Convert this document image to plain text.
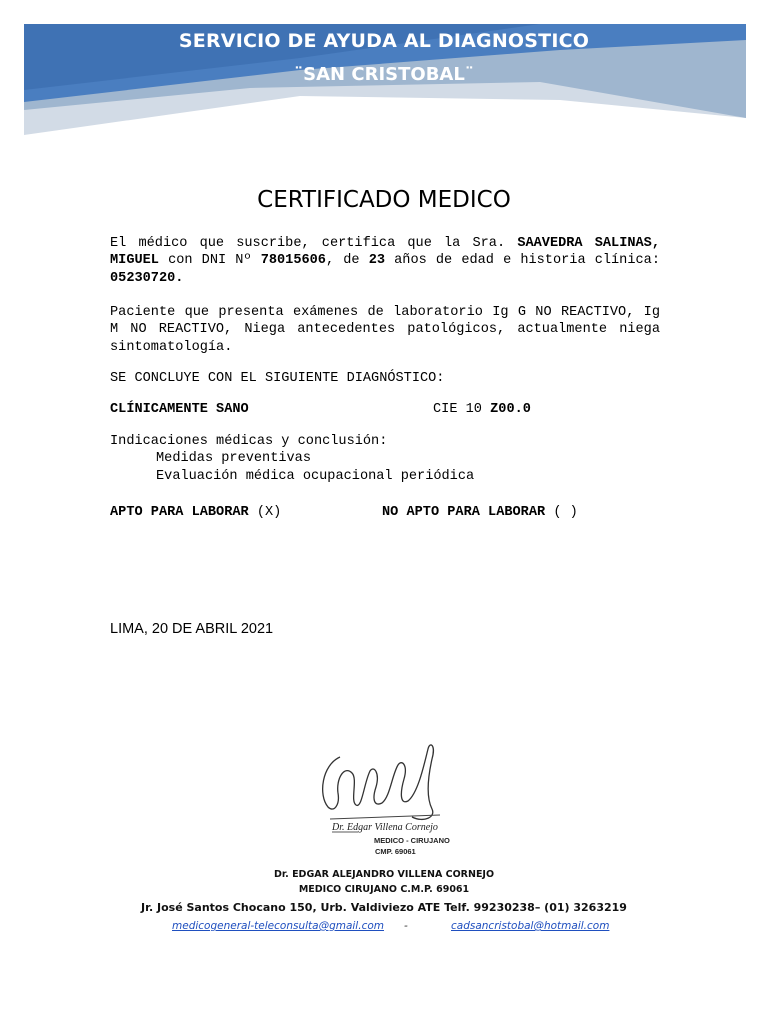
SERVICIO DE AYUDA AL DIAGNOSTICO
¨SAN CRISTOBAL¨
CERTIFICADO MEDICO

El médico que suscribe, certifica que la Sra. SAAVEDRA SALINAS, MIGUEL con DNI Nº 78015606, de 23 años de edad e historia clínica: 05230720.

Paciente que presenta exámenes de laboratorio Ig G NO REACTIVO, Ig M NO REACTIVO, Niega antecedentes patológicos, actualmente niega sintomatología.

SE CONCLUYE CON EL SIGUIENTE DIAGNÓSTICO:

CLÍNICAMENTE SANO	CIE 10 Z00.0
Indicaciones médicas y conclusión:
Medidas preventivas
Evaluación médica ocupacional periódica
APTO PARA LABORAR (X)	NO APTO PARA LABORAR ( )
LIMA, 20 DE ABRIL 2021
Dr. Edgar Villena Cornejo
MEDICO - CIRUJANO
CMP. 69061
Dr. EDGAR ALEJANDRO VILLENA CORNEJO
MEDICO CIRUJANO C.M.P. 69061
Jr. José Santos Chocano 150, Urb. Valdiviezo ATE Telf. 99230238– (01) 3263219
medicogeneral-teleconsulta@gmail.com -	cadsancristobal@hotmail.com
